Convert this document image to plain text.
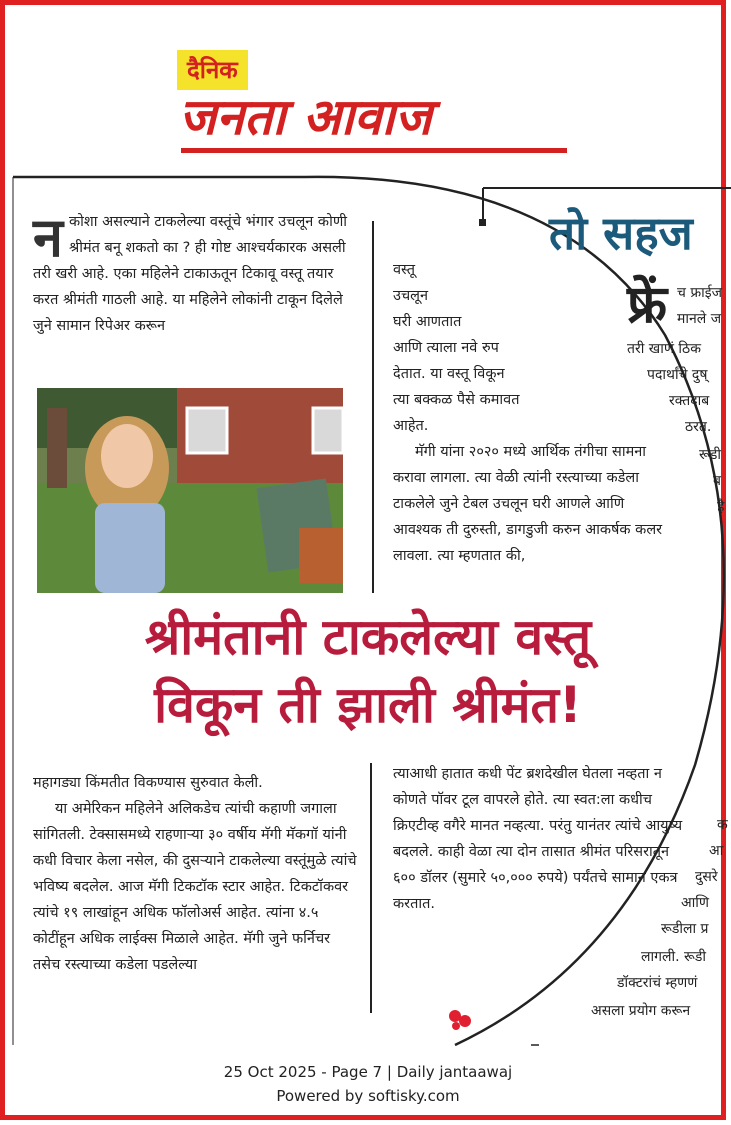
दैनिक
जनता आवाज
तो सहज
फ्रें च फ्राईज
मानले ज
तरी खाणं ठिक
पदार्थांचे दुष्
रक्तदाब
ठरत.
रूडी
ब
है
क
आ
दुसरे
आणि
रूडीला प्र
लागली. रूडी
डॉक्टरांचं म्हणणं
असला प्रयोग करून
न कोशा असल्याने टाकलेल्या वस्तूंचे भंगार उचलून कोणी श्रीमंत बनू शकतो का ? ही गोष्ट आश्चर्यकारक असली तरी खरी आहे. एका महिलेने टाकाऊतून टिकावू वस्तू तयार करत श्रीमंती गाठली आहे. या महिलेने लोकांनी टाकून दिलेले जुने सामान रिपेअर करून

वस्तू

उचलून

घरी आणतात

आणि त्याला नवे रुप

देतात. या वस्तू विकून

त्या बक्कळ पैसे कमावत

आहेत.

मॅगी यांना २०२० मध्ये आर्थिक तंगीचा सामना करावा लागला. त्या वेळी त्यांनी रस्त्याच्या कडेला टाकलेले जुने टेबल उचलून घरी आणले आणि आवश्यक ती दुरुस्ती, डागडुजी करुन आकर्षक कलर लावला. त्या म्हणतात की,

श्रीमंतानी टाकलेल्या वस्तू
विकून ती झाली श्रीमंत!

महागड्या किंमतीत विकण्यास सुरुवात केली.

या अमेरिकन महिलेने अलिकडेच त्यांची कहाणी जगाला सांगितली. टेक्सासमध्ये राहणाऱ्या ३० वर्षीय मॅगी मॅकगॉ यांनी कधी विचार केला नसेल, की दुसऱ्याने टाकलेल्या वस्तूंमुळे त्यांचे भविष्य बदलेल. आज मॅगी टिकटॉक स्टार आहेत. टिकटॉकवर त्यांचे १९ लाखांहून अधिक फॉलोअर्स आहेत. त्यांना ४.५ कोटींहून अधिक लाईक्स मिळाले आहेत. मॅगी जुने फर्निचर तसेच रस्त्याच्या कडेला पडलेल्या

त्याआधी हातात कधी पेंट ब्रशदेखील घेतला नव्हता न कोणते पॉवर टूल वापरले होते. त्या स्वत:ला कधीच क्रिएटीव्ह वगैरे मानत नव्हत्या. परंतु यानंतर त्यांचे आयुष्य बदलले. काही वेळा त्या दोन तासात श्रीमंत परिसरातून ६०० डॉलर (सुमारे ५०,००० रुपये) पर्यंतचे सामान एकत्र करतात.

25 Oct 2025 - Page 7 | Daily jantaawaj
Powered by softisky.com
